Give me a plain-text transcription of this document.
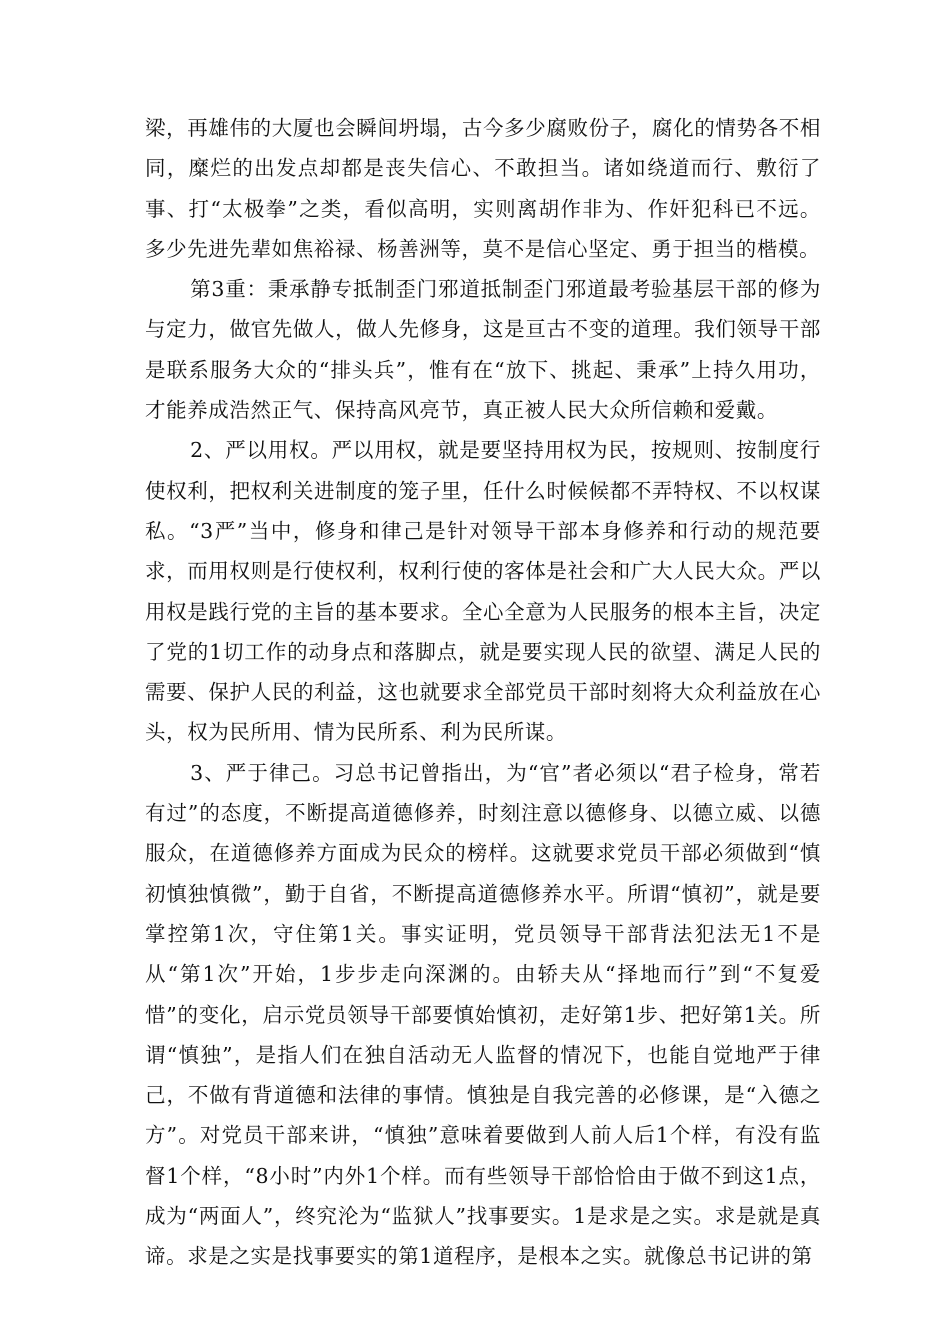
梁，再雄伟的大厦也会瞬间坍塌，古今多少腐败份子，腐化的情势各不相同，糜烂的出发点却都是丧失信心、不敢担当。诸如绕道而行、敷衍了事、打“太极拳”之类，看似高明，实则离胡作非为、作奸犯科已不远。多少先进先辈如焦裕禄、杨善洲等，莫不是信心坚定、勇于担当的楷模。

第3重：秉承静专抵制歪门邪道抵制歪门邪道最考验基层干部的修为与定力，做官先做人，做人先修身，这是亘古不变的道理。我们领导干部是联系服务大众的“排头兵”，惟有在“放下、挑起、秉承”上持久用功，才能养成浩然正气、保持高风亮节，真正被人民大众所信赖和爱戴。

2、严以用权。严以用权，就是要坚持用权为民，按规则、按制度行使权利，把权利关进制度的笼子里，任什么时候候都不弄特权、不以权谋私。“3严”当中，修身和律己是针对领导干部本身修养和行动的规范要求，而用权则是行使权利，权利行使的客体是社会和广大人民大众。严以用权是践行党的主旨的基本要求。全心全意为人民服务的根本主旨，决定了党的1切工作的动身点和落脚点，就是要实现人民的欲望、满足人民的需要、保护人民的利益，这也就要求全部党员干部时刻将大众利益放在心头，权为民所用、情为民所系、利为民所谋。

3、严于律己。习总书记曾指出，为“官”者必须以“君子检身，常若有过”的态度，不断提高道德修养，时刻注意以德修身、以德立威、以德服众，在道德修养方面成为民众的榜样。这就要求党员干部必须做到“慎初慎独慎微”，勤于自省，不断提高道德修养水平。所谓“慎初”，就是要掌控第1次，守住第1关。事实证明，党员领导干部背法犯法无1不是从“第1次”开始，1步步走向深渊的。由轿夫从“择地而行”到“不复爱惜”的变化，启示党员领导干部要慎始慎初，走好第1步、把好第1关。所谓“慎独”，是指人们在独自活动无人监督的情况下，也能自觉地严于律己，不做有背道德和法律的事情。慎独是自我完善的必修课，是“入德之方”。对党员干部来讲，“慎独”意味着要做到人前人后1个样，有没有监督1个样，“8小时”内外1个样。而有些领导干部恰恰由于做不到这1点，成为“两面人”，终究沦为“监狱人”找事要实。1是求是之实。求是就是真谛。求是之实是找事要实的第1道程序，是根本之实。就像总书记讲的第
